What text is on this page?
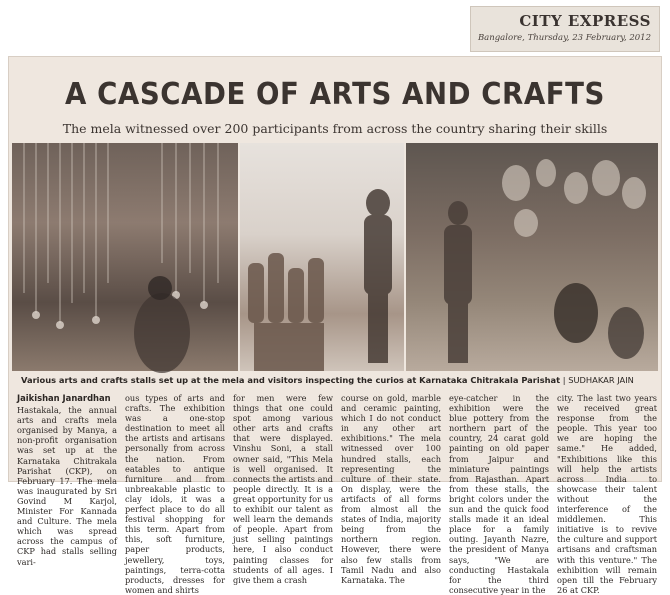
CITY EXPRESS
Bangalore, Thursday, 23 February, 2012
A CASCADE OF ARTS AND CRAFTS
The mela witnessed over 200 participants from across the country sharing their skills
Various arts and crafts stalls set up at the mela and visitors inspecting the curios at Karnataka Chitrakala Parishat | SUDHAKAR JAIN
Jaikishan Janardhan

Hastakala, the annual arts and crafts mela organised by Manya, a non-profit organisation was set up at the Karnataka Chitrakala Parishat (CKP), on February 17. The mela was inaugurated by Sri Govind M Karjol, Minister For Kannada and Culture. The mela which was spread across the campus of CKP had stalls selling vari-

ous types of arts and crafts. The exhibition was a one-stop destination to meet all the artists and artisans personally from across the nation. From eatables to antique furniture and from unbreakable plastic to clay idols, it was a perfect place to do all festival shopping for this term. Apart from this, soft furniture, paper products, jewellery, toys, paintings, terra-cotta products, dresses for women and shirts

for men were few things that one could spot among various other arts and crafts that were displayed. Vinshu Soni, a stall owner said, "This Mela is well organised. It connects the artists and people directly. It is a great opportunity for us to exhibit our talent as well learn the demands of people. Apart from just selling paintings here, I also conduct painting classes for students of all ages. I give them a crash

course on gold, marble and ceramic painting, which I do not conduct in any other art exhibitions." The mela witnessed over 100 hundred stalls, each representing the culture of their state. On display, were the artifacts of all forms from almost all the states of India, majority being from the northern region. However, there were also few stalls from Tamil Nadu and also Karnataka. The

eye-catcher in the exhibition were the blue pottery from the northern part of the country, 24 carat gold painting on old paper from Jaipur and miniature paintings from Rajasthan. Apart from these stalls, the bright colors under the sun and the quick food stalls made it an ideal place for a family outing. Jayanth Nazre, the president of Manya says, "We are conducting Hastakala for the third consecutive year in the

city. The last two years we received great response from the people. This year too we are hoping the same." He added, "Exhibitions like this will help the artists across India to showcase their talent without the interference of the middlemen. This initiative is to revive the culture and support artisans and craftsman with this venture." The exhibition will remain open till the February 26 at CKP.
